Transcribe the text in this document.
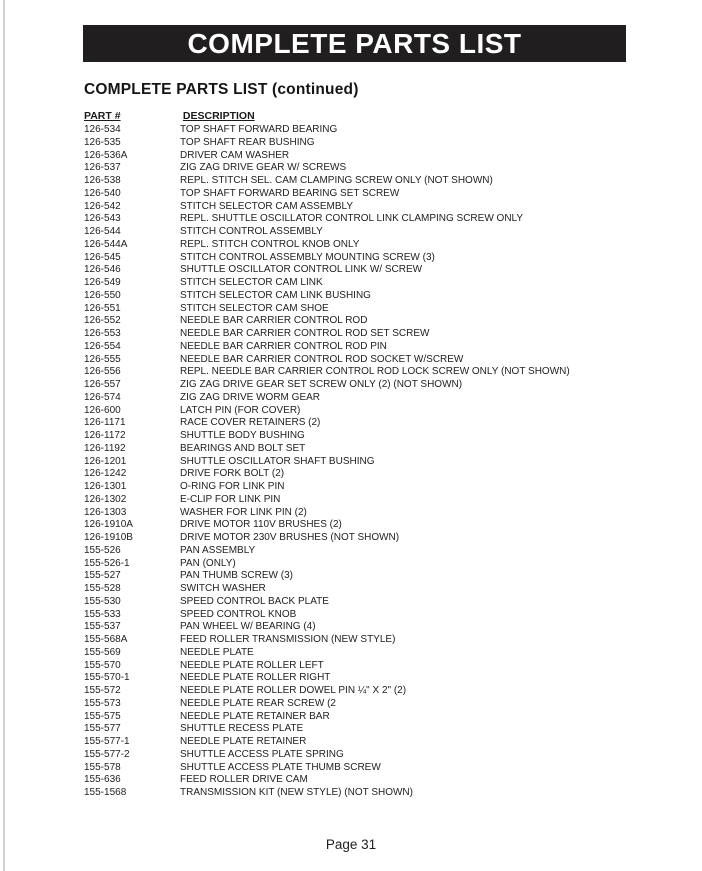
COMPLETE PARTS LIST
COMPLETE PARTS LIST (continued)
PART #	DESCRIPTION
126-534	TOP SHAFT FORWARD BEARING
126-535	TOP SHAFT REAR BUSHING
126-536A	DRIVER CAM WASHER
126-537	ZIG ZAG DRIVE GEAR W/ SCREWS
126-538	REPL. STITCH SEL. CAM CLAMPING SCREW ONLY (NOT SHOWN)
126-540	TOP SHAFT FORWARD BEARING SET SCREW
126-542	STITCH SELECTOR CAM ASSEMBLY
126-543	REPL. SHUTTLE OSCILLATOR CONTROL LINK CLAMPING SCREW ONLY
126-544	STITCH CONTROL ASSEMBLY
126-544A	REPL. STITCH CONTROL KNOB ONLY
126-545	STITCH CONTROL ASSEMBLY MOUNTING SCREW (3)
126-546	SHUTTLE OSCILLATOR CONTROL LINK W/ SCREW
126-549	STITCH SELECTOR CAM LINK
126-550	STITCH SELECTOR CAM LINK BUSHING
126-551	STITCH SELECTOR CAM SHOE
126-552	NEEDLE BAR CARRIER CONTROL ROD
126-553	NEEDLE BAR CARRIER CONTROL ROD SET SCREW
126-554	NEEDLE BAR CARRIER CONTROL ROD PIN
126-555	NEEDLE BAR CARRIER CONTROL ROD SOCKET W/SCREW
126-556	REPL. NEEDLE BAR CARRIER CONTROL ROD LOCK SCREW ONLY (NOT SHOWN)
126-557	ZIG ZAG DRIVE GEAR SET SCREW ONLY (2) (NOT SHOWN)
126-574	ZIG ZAG DRIVE WORM GEAR
126-600	LATCH PIN (FOR COVER)
126-1171	RACE COVER RETAINERS (2)
126-1172	SHUTTLE BODY BUSHING
126-1192	BEARINGS AND BOLT SET
126-1201	SHUTTLE OSCILLATOR SHAFT BUSHING
126-1242	DRIVE FORK BOLT (2)
126-1301	O-RING FOR LINK PIN
126-1302	E-CLIP FOR LINK PIN
126-1303	WASHER FOR LINK PIN (2)
126-1910A	DRIVE MOTOR 110V BRUSHES (2)
126-1910B	DRIVE MOTOR 230V BRUSHES (NOT SHOWN)
155-526	PAN ASSEMBLY
155-526-1	PAN (ONLY)
155-527	PAN THUMB SCREW (3)
155-528	SWITCH WASHER
155-530	SPEED CONTROL BACK PLATE
155-533	SPEED CONTROL KNOB
155-537	PAN WHEEL W/ BEARING (4)
155-568A	FEED ROLLER TRANSMISSION (NEW STYLE)
155-569	NEEDLE PLATE
155-570	NEEDLE PLATE ROLLER LEFT
155-570-1	NEEDLE PLATE ROLLER RIGHT
155-572	NEEDLE PLATE ROLLER DOWEL PIN ¼" X 2" (2)
155-573	NEEDLE PLATE REAR SCREW (2
155-575	NEEDLE PLATE RETAINER BAR
155-577	SHUTTLE RECESS PLATE
155-577-1	NEEDLE PLATE RETAINER
155-577-2	SHUTTLE ACCESS PLATE SPRING
155-578	SHUTTLE ACCESS PLATE THUMB SCREW
155-636	FEED ROLLER DRIVE CAM
155-1568	TRANSMISSION KIT (NEW STYLE) (NOT SHOWN)
Page 31
